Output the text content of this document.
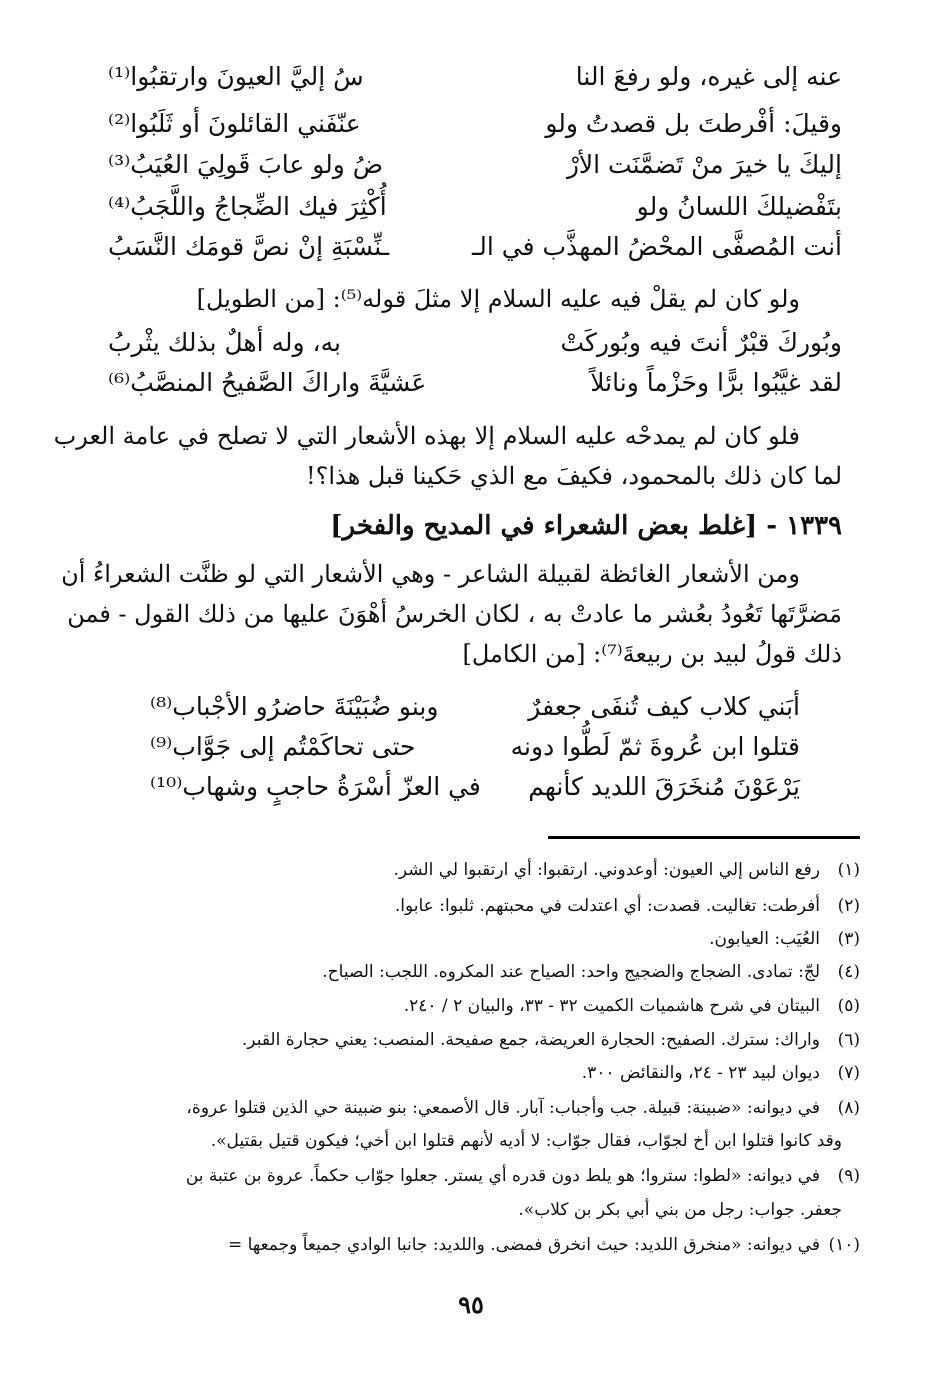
عنه إلى غيره، ولو رفعَ النا
سُ إليَّ العيونَ وارتقبُوا⁽¹⁾
وقيلَ: أفْرطتَ بل قصدتُ ولو
عنّفَني القائلونَ أو ثَلَبُوا⁽²⁾
إليكَ يا خيرَ منْ تَضمَّنَت الأرْ
ضُ ولو عابَ قَولِيَ العُيَبُ⁽³⁾
بتَفْضيلكَ اللسانُ ولو
أُكْثِرَ فيك الضِّجاجُ واللَّجَبُ⁽⁴⁾
أنت المُصفَّى المحْضُ المهذَّب في الـ
ـنِّسْبَةِ إنْ نصَّ قومَك النَّسَبُ
ولو كان لم يقلْ فيه عليه السلام إلا مثلَ قوله⁽⁵⁾: [من الطويل]
وبُوركَ قبْرٌ أنتَ فيه وبُوركَتْ
به، وله أهلٌ بذلك يثْربُ
لقد غيَّبُوا برًّا وحَزْماً ونائلاً
عَشيَّةَ واراكَ الصَّفيحُ المنصَّبُ⁽⁶⁾
فلو كان لم يمدحْه عليه السلام إلا بهذه الأشعار التي لا تصلح في عامة العرب
لما كان ذلك بالمحمود، فكيفَ مع الذي حَكينا قبل هذا؟!
١٣٣٩ - [غلط بعض الشعراء في المديح والفخر]
ومن الأشعار الغائظة لقبيلة الشاعر - وهي الأشعار التي لو ظنَّت الشعراءُ أن
مَضرَّتَها تَعُودُ بعُشر ما عادتْ به ، لكان الخرسُ أهْوَنَ عليها من ذلك القول - فمن
ذلك قولُ لبيد بن ربيعةَ⁽⁷⁾: [من الكامل]
أبَني كلاب كيف تُنفَى جعفرٌ
وبنو ضُبَيْنَةَ حاضرُو الأجْباب⁽⁸⁾
قتلوا ابن عُروةَ ثمّ لَطُّوا دونه
حتى تحاكَمْتُم إلى جَوَّاب⁽⁹⁾
يَرْعَوْنَ مُنخَرَقَ اللديد كأنهم
في العزّ أسْرَةُ حاجبٍ وشهاب⁽¹⁰⁾
(١)رفع الناس إلي العيون: أوعدوني. ارتقبوا: أي ارتقبوا لي الشر.
(٢)أفرطت: تغاليت. قصدت: أي اعتدلت في محبتهم. ثلبوا: عابوا.
(٣)العُيَب: العيابون.
(٤)لجّ: تمادى. الضجاج والضجيج واحد: الصياح عند المكروه. اللجب: الصياح.
(٥)البيتان في شرح هاشميات الكميت ٣٢ - ٣٣، والبيان ٢ / ٢٤٠.
(٦)واراك: سترك. الصفيح: الحجارة العريضة، جمع صفيحة. المنصب: يعني حجارة القبر.
(٧)ديوان لبيد ٢٣ - ٢٤، والنقائض ٣٠٠.
(٨)في ديوانه: «ضبينة: قبيلة. جب وأجباب: آبار. قال الأصمعي: بنو ضبينة حي الذين قتلوا عروة،
وقد كانوا قتلوا ابن أخ لجوّاب، فقال جوّاب: لا أديه لأنهم قتلوا ابن أخي؛ فيكون قتيل بقتيل».
(٩)في ديوانه: «لطوا: ستروا؛ هو يلط دون قدره أي يستر. جعلوا جوّاب حكماً. عروة بن عتبة بن
جعفر. جواب: رجل من بني أبي بكر بن كلاب».
(١٠)في ديوانه: «منخرق اللديد: حيث انخرق فمضى. واللديد: جانبا الوادي جميعاً وجمعها =
٩٥
